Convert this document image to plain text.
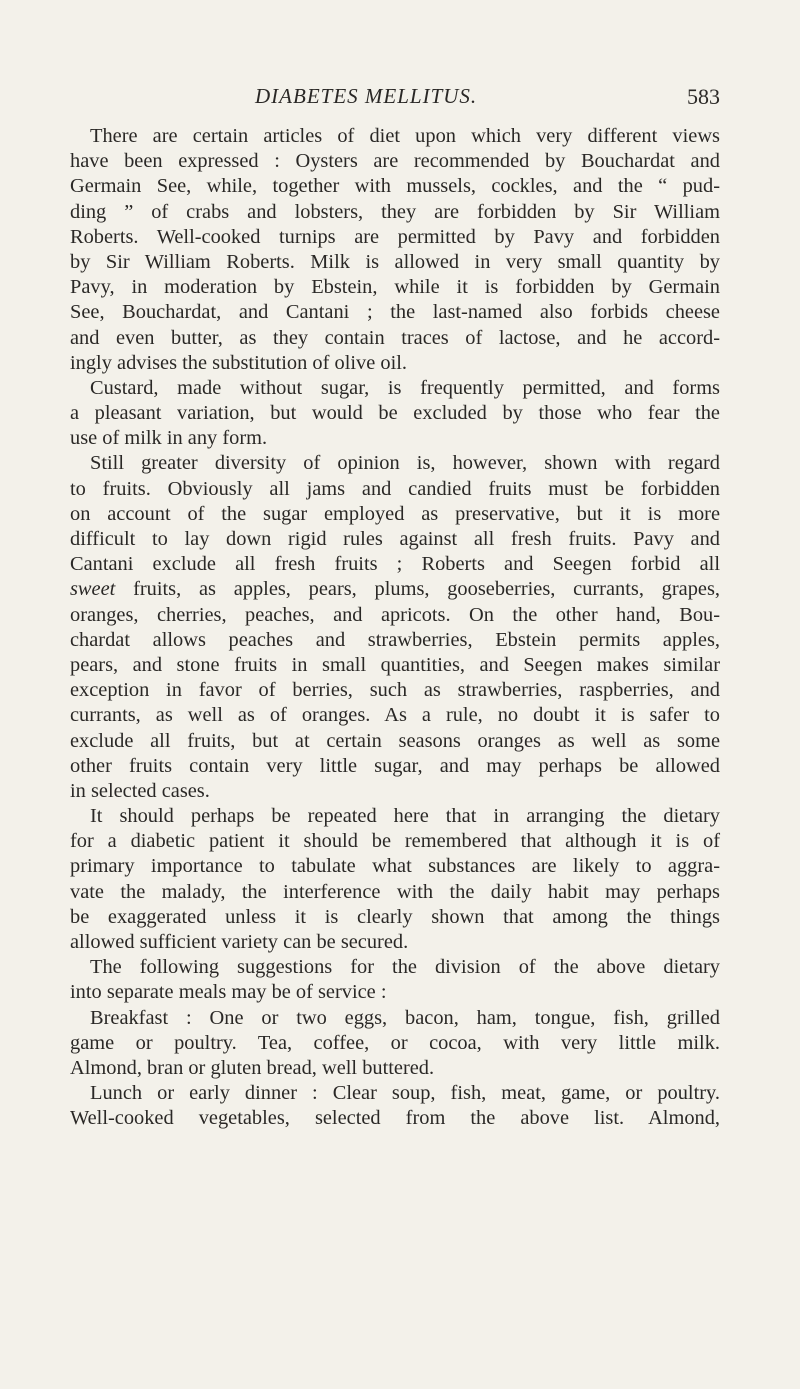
DIABETES MELLITUS.	583
There are certain articles of diet upon which very different views
have been expressed : Oysters are recommended by Bouchardat and
Germain See, while, together with mussels, cockles, and the “ pud-
ding ” of crabs and lobsters, they are forbidden by Sir William
Roberts. Well-cooked turnips are permitted by Pavy and forbidden
by Sir William Roberts. Milk is allowed in very small quantity by
Pavy, in moderation by Ebstein, while it is forbidden by Germain
See, Bouchardat, and Cantani ; the last-named also forbids cheese
and even butter, as they contain traces of lactose, and he accord-
ingly advises the substitution of olive oil.
Custard, made without sugar, is frequently permitted, and forms
a pleasant variation, but would be excluded by those who fear the
use of milk in any form.
Still greater diversity of opinion is, however, shown with regard
to fruits. Obviously all jams and candied fruits must be forbidden
on account of the sugar employed as preservative, but it is more
difficult to lay down rigid rules against all fresh fruits. Pavy and
Cantani exclude all fresh fruits ; Roberts and Seegen forbid all
sweet fruits, as apples, pears, plums, gooseberries, currants, grapes,
oranges, cherries, peaches, and apricots. On the other hand, Bou-
chardat allows peaches and strawberries, Ebstein permits apples,
pears, and stone fruits in small quantities, and Seegen makes similar
exception in favor of berries, such as strawberries, raspberries, and
currants, as well as of oranges. As a rule, no doubt it is safer to
exclude all fruits, but at certain seasons oranges as well as some
other fruits contain very little sugar, and may perhaps be allowed
in selected cases.
It should perhaps be repeated here that in arranging the dietary
for a diabetic patient it should be remembered that although it is of
primary importance to tabulate what substances are likely to aggra-
vate the malady, the interference with the daily habit may perhaps
be exaggerated unless it is clearly shown that among the things
allowed sufficient variety can be secured.
The following suggestions for the division of the above dietary
into separate meals may be of service :
Breakfast : One or two eggs, bacon, ham, tongue, fish, grilled
game or poultry. Tea, coffee, or cocoa, with very little milk.
Almond, bran or gluten bread, well buttered.
Lunch or early dinner : Clear soup, fish, meat, game, or poultry.
Well-cooked vegetables, selected from the above list. Almond,
